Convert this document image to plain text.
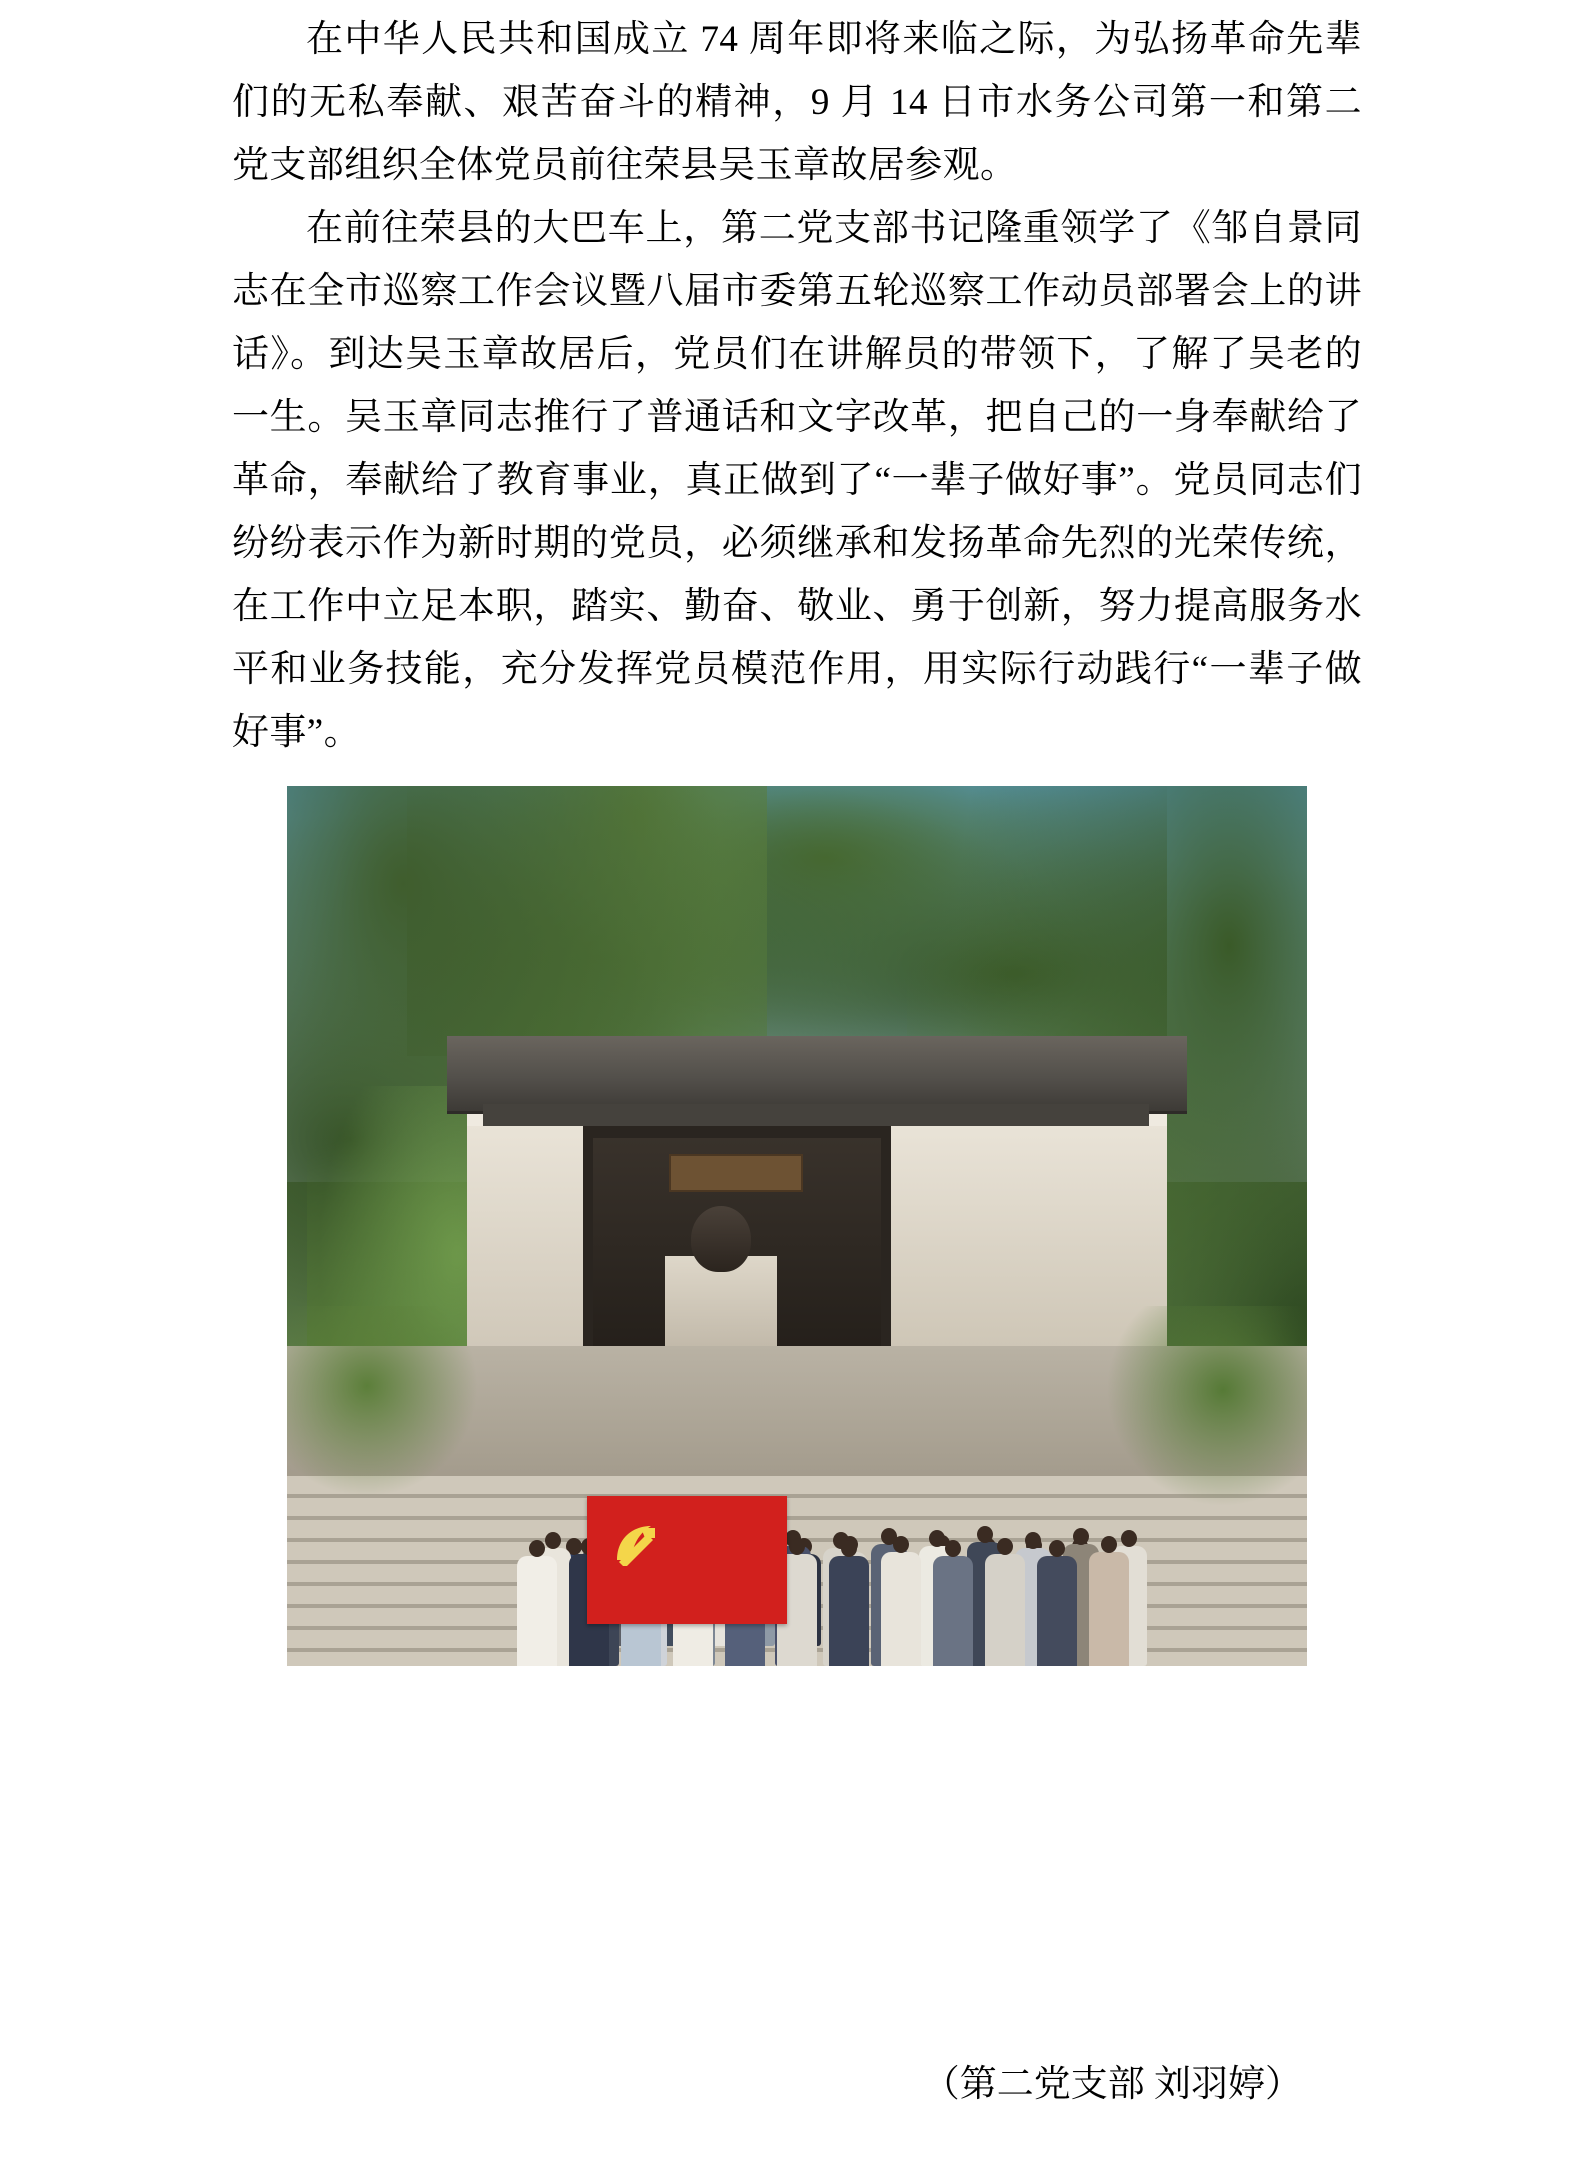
在中华人民共和国成立 74 周年即将来临之际，为弘扬革命先辈们的无私奉献、艰苦奋斗的精神，9 月 14 日市水务公司第一和第二党支部组织全体党员前往荣县吴玉章故居参观。

在前往荣县的大巴车上，第二党支部书记隆重领学了《邹自景同志在全市巡察工作会议暨八届市委第五轮巡察工作动员部署会上的讲话》。到达吴玉章故居后，党员们在讲解员的带领下，了解了吴老的一生。吴玉章同志推行了普通话和文字改革，把自己的一身奉献给了革命，奉献给了教育事业，真正做到了“一辈子做好事”。党员同志们纷纷表示作为新时期的党员，必须继承和发扬革命先烈的光荣传统，在工作中立足本职，踏实、勤奋、敬业、勇于创新，努力提高服务水平和业务技能，充分发挥党员模范作用，用实际行动践行“一辈子做好事”。

（第二党支部 刘羽婷）
